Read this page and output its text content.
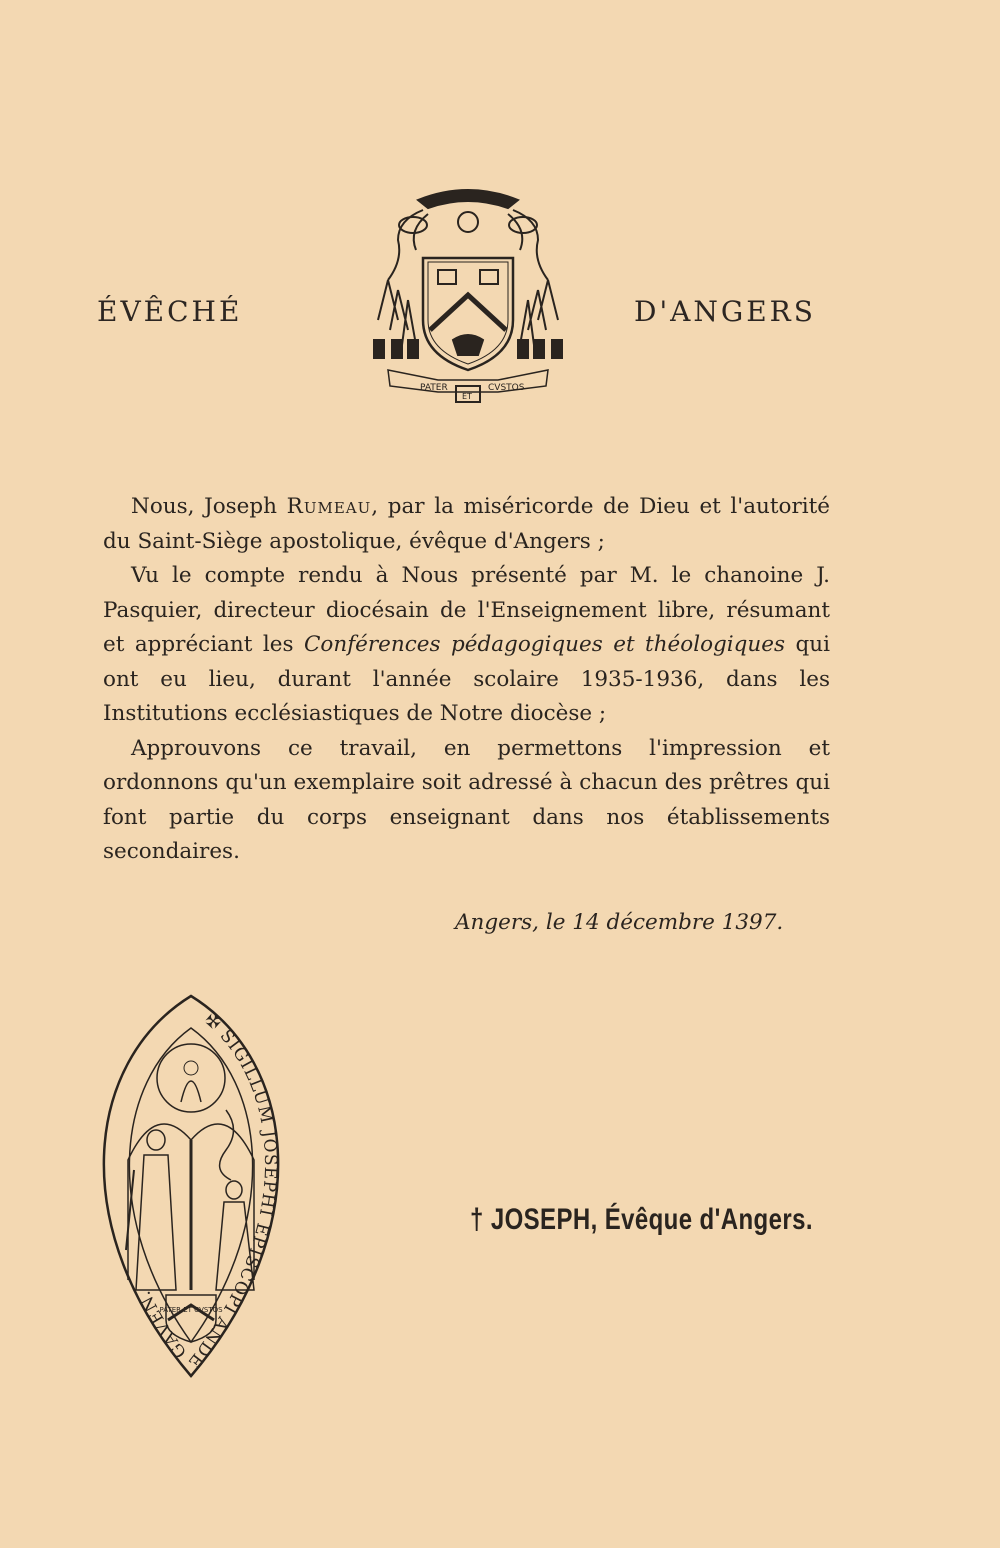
ÉVÊCHÉ
PATER
ET
CVSTOS
D'ANGERS

Nous, Joseph Rumeau, par la miséricorde de Dieu et l'autorité du Saint-Siège apostolique, évêque d'Angers ;

Vu le compte rendu à Nous présenté par M. le chanoine J. Pasquier, directeur diocésain de l'Enseignement libre, résumant et appréciant les Conférences pédagogiques et théologiques qui ont eu lieu, durant l'année scolaire 1935-1936, dans les Institutions ecclésiastiques de Notre diocèse ;

Approuvons ce travail, en permettons l'impression et ordonnons qu'un exemplaire soit adressé à chacun des prêtres qui font partie du corps enseignant dans nos établissements secondaires.

Angers, le 14 décembre 1397.
✠ SIGILLUM JOSEPHI EPISCOPI ANDEGAVEN.
PATER ET CVSTOS
† JOSEPH, Évêque d'Angers.
